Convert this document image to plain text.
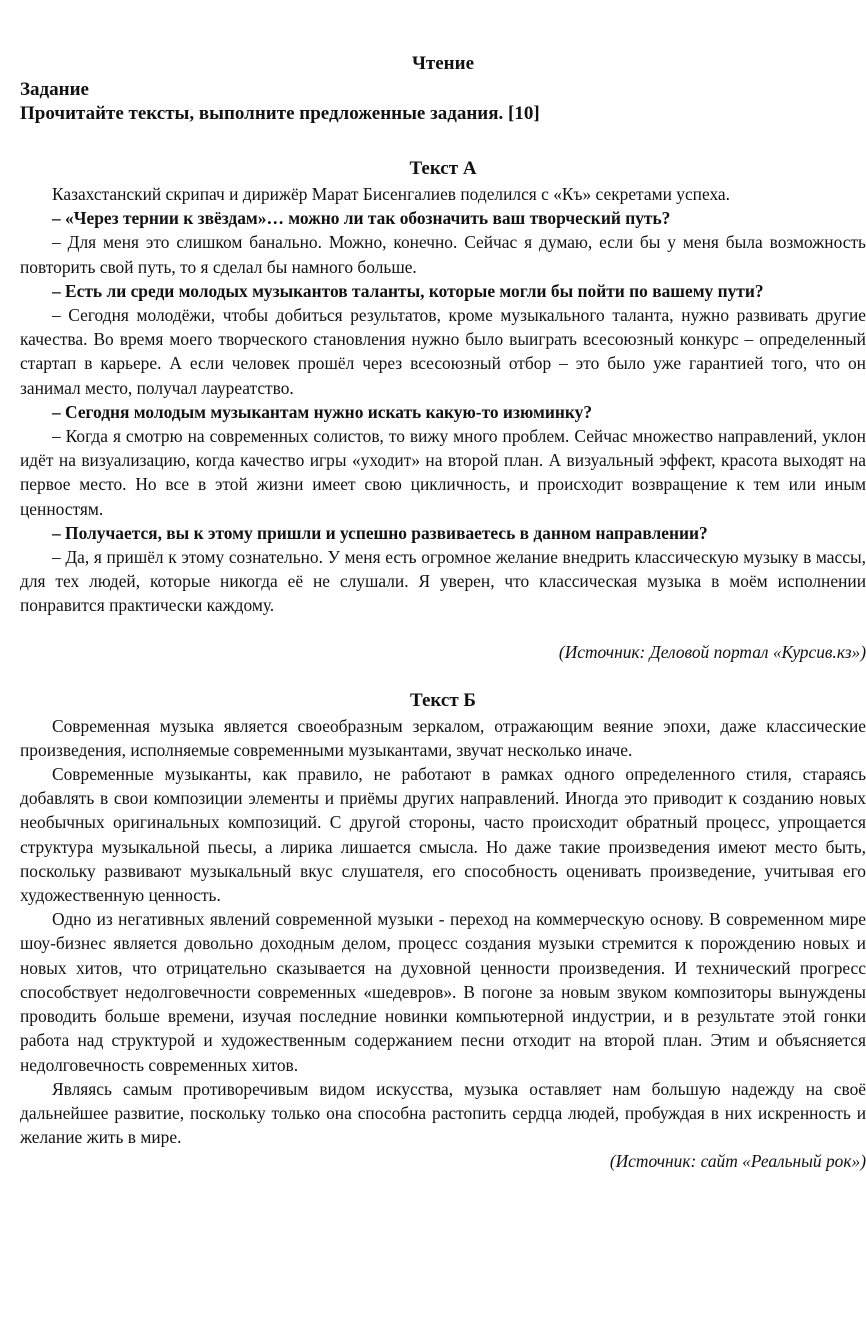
Чтение
Задание
Прочитайте тексты, выполните предложенные задания. [10]
Текст А

Казахстанский скрипач и дирижёр Марат Бисенгалиев поделился с «Къ» секретами успеха.

– «Через тернии к звёздам»… можно ли так обозначить ваш творческий путь?

– Для меня это слишком банально. Можно, конечно. Сейчас я думаю, если бы у меня была возможность повторить свой путь, то я сделал бы намного больше.

– Есть ли среди молодых музыкантов таланты, которые могли бы пойти по вашему пути?

– Сегодня молодёжи, чтобы добиться результатов, кроме музыкального таланта, нужно развивать другие качества. Во время моего творческого становления нужно было выиграть всесоюзный конкурс – определенный стартап в карьере. А если человек прошёл через всесоюзный отбор – это было уже гарантией того, что он занимал место, получал лауреатство.

– Сегодня молодым музыкантам нужно искать какую-то изюминку?

– Когда я смотрю на современных солистов, то вижу много проблем. Сейчас множество направлений, уклон идёт на визуализацию, когда качество игры «уходит» на второй план. А визуальный эффект, красота выходят на первое место. Но все в этой жизни имеет свою цикличность, и происходит возвращение к тем или иным ценностям.

– Получается, вы к этому пришли и успешно развиваетесь в данном направлении?

– Да, я пришёл к этому сознательно. У меня есть огромное желание внедрить классическую музыку в массы, для тех людей, которые никогда её не слушали. Я уверен, что классическая музыка в моём исполнении понравится практически каждому.

(Источник: Деловой портал «Курсив.кз»)

Текст Б

Современная музыка является своеобразным зеркалом, отражающим веяние эпохи, даже классические произведения, исполняемые современными музыкантами, звучат несколько иначе.

Современные музыканты, как правило, не работают в рамках одного определенного стиля, стараясь добавлять в свои композиции элементы и приёмы других направлений. Иногда это приводит к созданию новых необычных оригинальных композиций. С другой стороны, часто происходит обратный процесс, упрощается структура музыкальной пьесы, а лирика лишается смысла. Но даже такие произведения имеют место быть, поскольку развивают музыкальный вкус слушателя, его способность оценивать произведение, учитывая его художественную ценность.

Одно из негативных явлений современной музыки - переход на коммерческую основу. В современном мире шоу-бизнес является довольно доходным делом, процесс создания музыки стремится к порождению новых и новых хитов, что отрицательно сказывается на духовной ценности произведения. И технический прогресс способствует недолговечности современных «шедевров». В погоне за новым звуком композиторы вынуждены проводить больше времени, изучая последние новинки компьютерной индустрии, и в результате этой гонки работа над структурой и художественным содержанием песни отходит на второй план. Этим и объясняется недолговечность современных хитов.

Являясь самым противоречивым видом искусства, музыка оставляет нам большую надежду на своё дальнейшее развитие, поскольку только она способна растопить сердца людей, пробуждая в них искренность и желание жить в мире.

(Источник: сайт «Реальный рок»)
